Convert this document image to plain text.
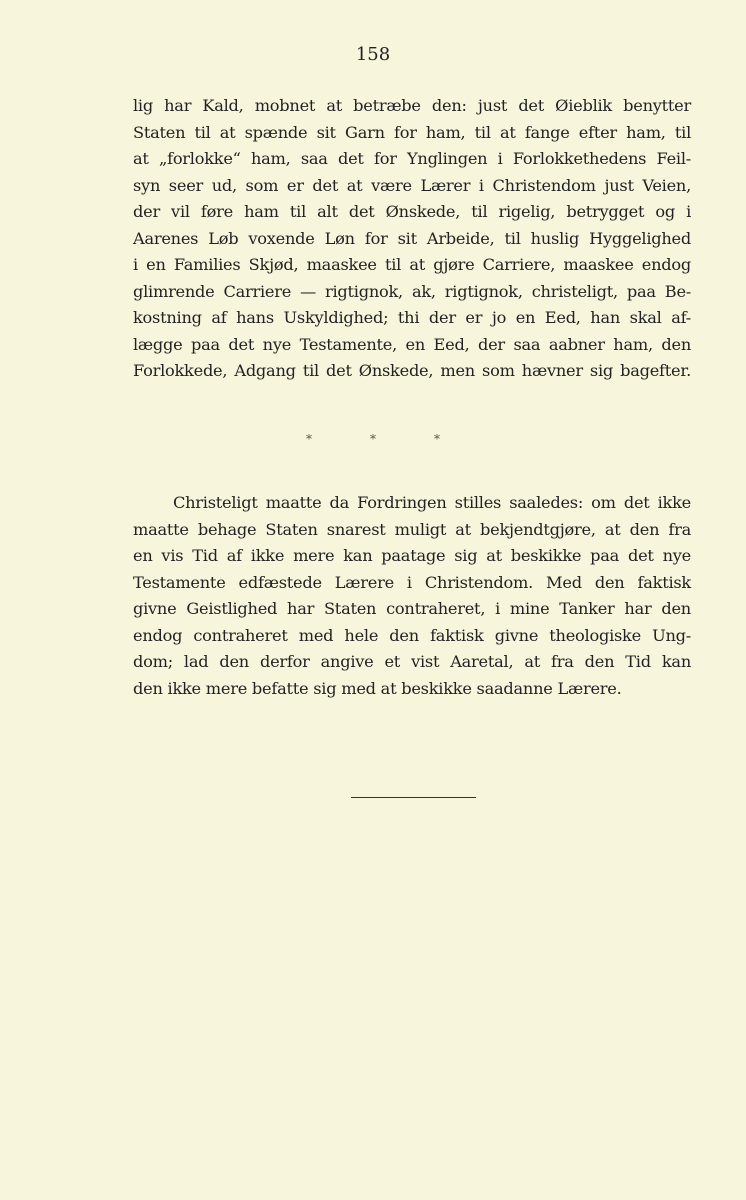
158
lig har Kald, mobnet at betræbe den: just det Øieblik benytter
Staten til at spænde sit Garn for ham, til at fange efter ham, til
at „forlokke“ ham, saa det for Ynglingen i Forlokkethedens Feil-
syn seer ud, som er det at være Lærer i Christendom just Veien,
der vil føre ham til alt det Ønskede, til rigelig, betrygget og i
Aarenes Løb voxende Løn for sit Arbeide, til huslig Hyggelighed
i en Families Skjød, maaskee til at gjøre Carriere, maaskee endog
glimrende Carriere — rigtignok, ak, rigtignok, christeligt, paa Be-
kostning af hans Uskyldighed; thi der er jo en Eed, han skal af-
lægge paa det nye Testamente, en Eed, der saa aabner ham, den
Forlokkede, Adgang til det Ønskede, men som hævner sig bagefter.
*	*	*
Christeligt maatte da Fordringen stilles saaledes: om det ikke
maatte behage Staten snarest muligt at bekjendtgjøre, at den fra
en vis Tid af ikke mere kan paatage sig at beskikke paa det nye
Testamente edfæstede Lærere i Christendom. Med den faktisk
givne Geistlighed har Staten contraheret, i mine Tanker har den
endog contraheret med hele den faktisk givne theologiske Ung-
dom; lad den derfor angive et vist Aaretal, at fra den Tid kan
den ikke mere befatte sig med at beskikke saadanne Lærere.
